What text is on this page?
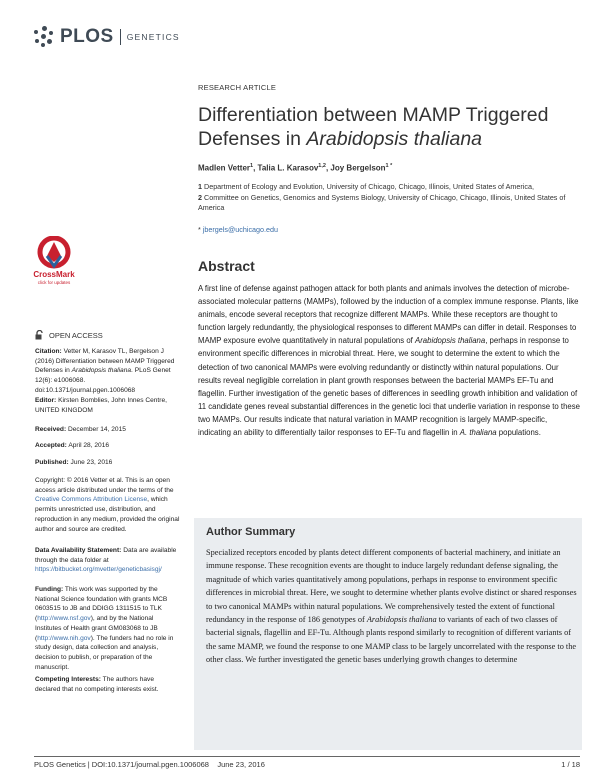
PLOS GENETICS
RESEARCH ARTICLE
Differentiation between MAMP Triggered
Defenses in Arabidopsis thaliana
Madlen Vetter$^1$, Talia L. Karasov$^{1,2}$, Joy Bergelson$^{1 *}$
1 Department of Ecology and Evolution, University of Chicago, Chicago, Illinois, United States of America,
2 Committee on Genetics, Genomics and Systems Biology, University of Chicago, Chicago, Illinois, United States of America
* jbergels@uchicago.edu
Abstract

A first line of defense against pathogen attack for both plants and animals involves the detection of microbe-associated molecular patterns (MAMPs), followed by the induction of a complex immune response. Plants, like animals, encode several receptors that recognize different MAMPs. While these receptors are thought to function largely redundantly, the physiological responses to different MAMPs can differ in detail. Responses to MAMP exposure evolve quantitatively in natural populations of Arabidopsis thaliana, perhaps in response to environment specific differences in microbial threat. Here, we sought to determine the extent to which the detection of two canonical MAMPs were evolving redundantly or distinctly within natural populations. Our results reveal negligible correlation in plant growth responses between the bacterial MAMPs EF-Tu and flagellin. Further investigation of the genetic bases of differences in seedling growth inhibition and validation of 11 candidate genes reveal substantial differences in the genetic loci that underlie variation in response to these two MAMPs. Our results indicate that natural variation in MAMP recognition is largely MAMP-specific, indicating an ability to differentially tailor responses to EF-Tu and flagellin in A. thaliana populations.

Author Summary

Specialized receptors encoded by plants detect different components of bacterial machinery, and initiate an immune response. These recognition events are thought to induce largely redundant defense signaling, the magnitude of which varies quantitatively among populations, perhaps in response to environment specific differences in microbial threat. Here, we sought to determine whether plants evolve distinct or shared responses to two canonical MAMPs within natural populations. We comprehensively tested the extent of functional redundancy in the response of 186 genotypes of Arabidopsis thaliana to variants of each of two classes of bacterial signals, flagellin and EF-Tu. Although plants respond similarly to recognition of different variants of the same MAMP, we found the response to one MAMP class to be largely uncorrelated with the response to the other class. We further investigated the genetic bases underlying growth changes to determine

CrossMark
click for updates
OPEN ACCESS
Citation: Vetter M, Karasov TL, Bergelson J (2016) Differentiation between MAMP Triggered Defenses in Arabidopsis thaliana. PLoS Genet 12(6): e1006068. doi:10.1371/journal.pgen.1006068
Editor: Kirsten Bomblies, John Innes Centre, UNITED KINGDOM
Received: December 14, 2015
Accepted: April 28, 2016
Published: June 23, 2016
Copyright: © 2016 Vetter et al. This is an open access article distributed under the terms of the Creative Commons Attribution License, which permits unrestricted use, distribution, and reproduction in any medium, provided the original author and source are credited.
Data Availability Statement: Data are available through the data folder at https://bitbucket.org/mvetter/geneticbasisgj/
Funding: This work was supported by the National Science foundation with grants MCB 0603515 to JB and DDIGG 1311515 to TLK (http://www.nsf.gov), and by the National Institutes of Health grant GM083068 to JB (http://www.nih.gov). The funders had no role in study design, data collection and analysis, decision to publish, or preparation of the manuscript.
Competing Interests: The authors have declared that no competing interests exist.
PLOS Genetics | DOI:10.1371/journal.pgen.1006068    June 23, 2016	1 / 18
